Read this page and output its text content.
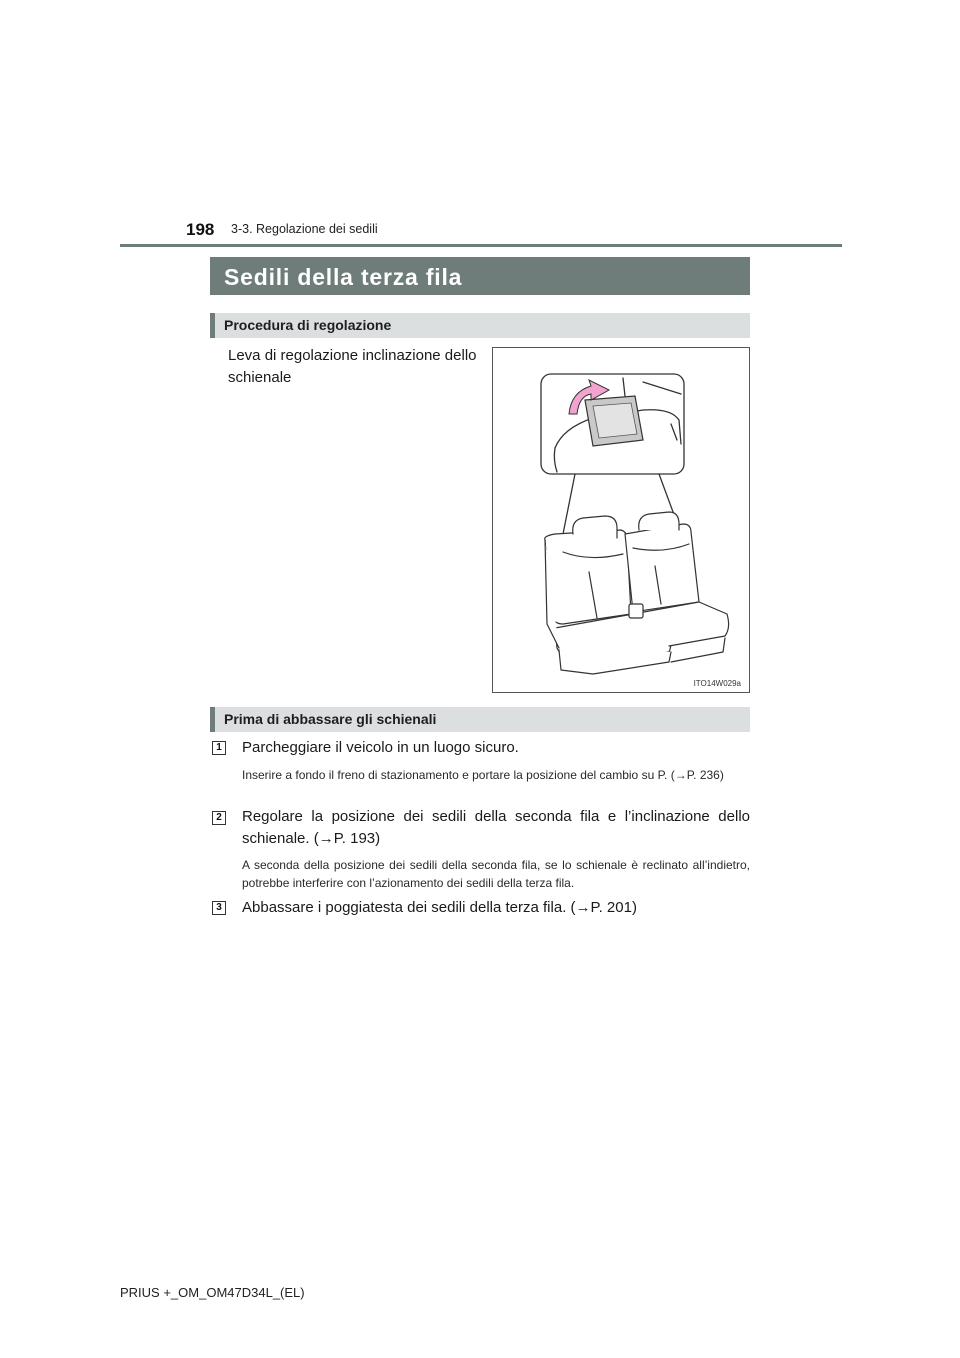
198 3-3. Regolazione dei sedili
Sedili della terza fila
Procedura di regolazione
Leva di regolazione inclinazione dello schienale
ITO14W029a
Prima di abbassare gli schienali
1 Parcheggiare il veicolo in un luogo sicuro.
Inserire a fondo il freno di stazionamento e portare la posizione del cambio su P. (→P. 236)
2 Regolare la posizione dei sedili della seconda fila e l’inclinazione dello schienale. (→P. 193)
A seconda della posizione dei sedili della seconda fila, se lo schienale è reclinato all’indietro, potrebbe interferire con l’azionamento dei sedili della terza fila.
3 Abbassare i poggiatesta dei sedili della terza fila. (→P. 201)
PRIUS +_OM_OM47D34L_(EL)
